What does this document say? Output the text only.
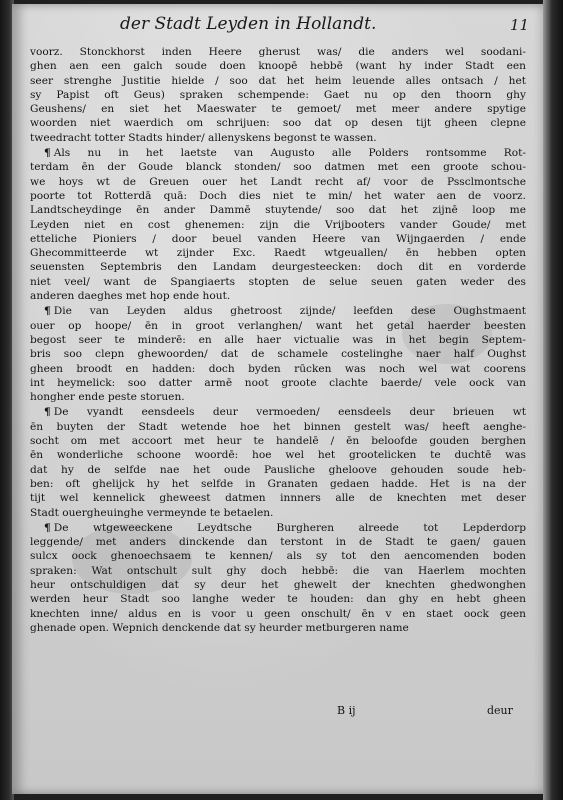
der Stadt Leyden in Hollandt.	11
voorz. Stonckhorst inden Heere gherust was/ die anders wel soodani-
ghen aen een galch soude doen knoopē hebbē (want hy inder Stadt een
seer strenghe Justitie hielde / soo dat het heim leuende alles ontsach / het
sy Papist oft Geus) spraken schempende: Gaet nu op den thoorn ghy
Geushens/ en siet het Maeswater te gemoet/ met meer andere spytige
woorden niet waerdich om schrijuen: soo dat op desen tijt gheen clepne
tweedracht totter Stadts hinder/ allenyskens begonst te wassen.
¶ Als nu in het laetste van Augusto alle Polders rontsomme Rot-
terdam ēn der Goude blanck stonden/ soo datmen met een groote schou-
we hoys wt de Greuen ouer het Landt recht af/ voor de Pssclmontsche
poorte tot Rotterdā quā: Doch dies niet te min/ het water aen de voorz.
Landtscheydinge ēn ander Dammē stuytende/ soo dat het zijnē loop me
Leyden niet en cost ghenemen: zijn die Vrijbooters vander Goude/ met
etteliche Pioniers / door beuel vanden Heere van Wijngaerden / ende
Ghecommitteerde wt zijnder Exc. Raedt wtgeuallen/ ēn hebben opten
seuensten Septembris den Landam deurgesteecken: doch dit en vorderde
niet veel/ want de Spangiaerts stopten de selue seuen gaten weder des
anderen daeghes met hop ende hout.
¶ Die van Leyden aldus ghetroost zijnde/ leefden dese Oughstmaent
ouer op hoope/ ēn in groot verlanghen/ want het getal haerder beesten
begost seer te minderē: en alle haer victualie was in het begin Septem-
bris soo clepn ghewoorden/ dat de schamele costelinghe naer half Oughst
gheen broodt en hadden: doch byden rūcken was noch wel wat coorens
int heymelick: soo datter armē noot groote clachte baerde/ vele oock van
hongher ende peste storuen.
¶ De vyandt eensdeels deur vermoeden/ eensdeels deur brieuen wt
ēn buyten der Stadt wetende hoe het binnen gestelt was/ heeft aenghe-
socht om met accoort met heur te handelē / ēn beloofde gouden berghen
ēn wonderliche schoone woordē: hoe wel het grootelicken te duchtē was
dat hy de selfde nae het oude Pausliche gheloove gehouden soude heb-
ben: oft ghelijck hy het selfde in Granaten gedaen hadde. Het is na der
tijt wel kennelick gheweest datmen innners alle de knechten met deser
Stadt ouergheuinghe vermeynde te betaelen.
¶ De wtgeweeckene Leydtsche Burgheren alreede tot Lepderdorp
leggende/ met anders dinckende dan terstont in de Stadt te gaen/ gauen
sulcx oock ghenoechsaem te kennen/ als sy tot den aencomenden boden
spraken: Wat ontschult sult ghy doch hebbē: die van Haerlem mochten
heur ontschuldigen dat sy deur het ghewelt der knechten ghedwonghen
werden heur Stadt soo langhe weder te houden: dan ghy en hebt gheen
knechten inne/ aldus en is voor u geen onschult/ ēn v en staet oock geen
ghenade open. Wepnich denckende dat sy heurder metburgeren name
B ij	deur
